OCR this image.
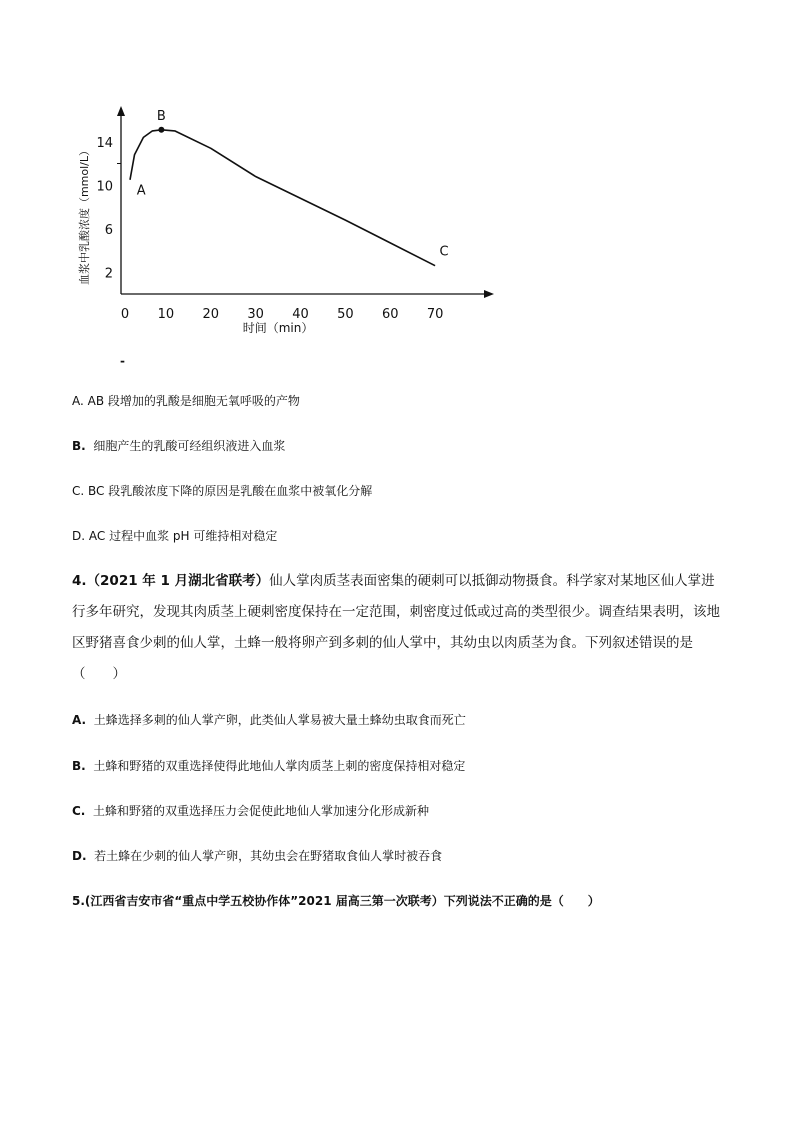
0 10 20 30 40 50 60 70
2
6
10
14
时间（min）
血浆中乳酸浓度（mmol/L）	A
B
C
-
A. AB 段增加的乳酸是细胞无氧呼吸的产物
B. 细胞产生的乳酸可经组织液进入血浆
C. BC 段乳酸浓度下降的原因是乳酸在血浆中被氧化分解
D. AC 过程中血浆 pH 可维持相对稳定
4.（2021 年 1 月湖北省联考）仙人掌肉质茎表面密集的硬刺可以抵御动物摄食。科学家对某地区仙人掌进行多年研究，发现其肉质茎上硬刺密度保持在一定范围，刺密度过低或过高的类型很少。调查结果表明，该地区野猪喜食少刺的仙人掌，土蜂一般将卵产到多刺的仙人掌中，其幼虫以肉质茎为食。下列叙述错误的是（　　）
A. 土蜂选择多刺的仙人掌产卵，此类仙人掌易被大量土蜂幼虫取食而死亡
B. 土蜂和野猪的双重选择使得此地仙人掌肉质茎上刺的密度保持相对稳定
C. 土蜂和野猪的双重选择压力会促使此地仙人掌加速分化形成新种
D. 若土蜂在少刺的仙人掌产卵，其幼虫会在野猪取食仙人掌时被吞食
5.(江西省吉安市省“重点中学五校协作体”2021 届高三第一次联考）下列说法不正确的是（　　）
